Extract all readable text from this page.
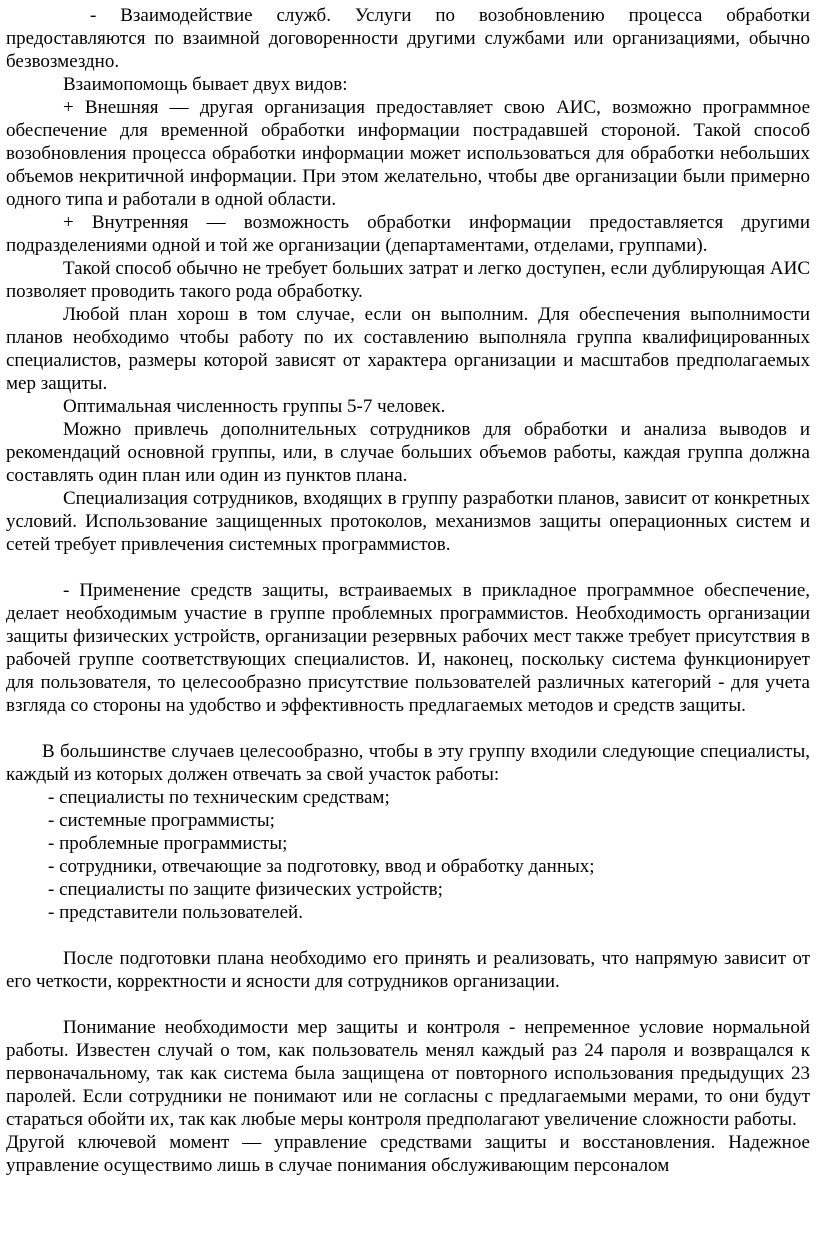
- Взаимодействие служб. Услуги по возобновлению процесса обработки предоставляются по взаимной договоренности другими службами или организациями, обычно безвозмездно.

Взаимопомощь бывает двух видов:

+ Внешняя — другая организация предоставляет свою АИС, возможно программное обеспечение для временной обработки информации пострадавшей стороной. Такой способ возобновления процесса обработки информации может использоваться для обработки небольших объемов некритичной информации. При этом желательно, чтобы две организации были примерно одного типа и работали в одной области.

+ Внутренняя — возможность обработки информации предоставляется другими подразделениями одной и той же организации (департаментами, отделами, группами).

Такой способ обычно не требует больших затрат и легко доступен, если дублирующая АИС позволяет проводить такого рода обработку.

Любой план хорош в том случае, если он выполним. Для обеспечения выполнимости планов необходимо чтобы работу по их составлению выполняла группа квалифицированных специалистов, размеры которой зависят от характера организации и масштабов предполагаемых мер защиты.

Оптимальная численность группы 5-7 человек.

Можно привлечь дополнительных сотрудников для обработки и анализа выводов и рекомендаций основной группы, или, в случае больших объемов работы, каждая группа должна составлять один план или один из пунктов плана.

Специализация сотрудников, входящих в группу разработки планов, зависит от конкретных условий. Использование защищенных протоколов, механизмов защиты операционных систем и сетей требует привлечения системных программистов.

- Применение средств защиты, встраиваемых в прикладное программное обеспечение, делает необходимым участие в группе проблемных программистов. Необходимость организации защиты физических устройств, организации резервных рабочих мест также требует присутствия в рабочей группе соответствующих специалистов. И, наконец, поскольку система функционирует для пользователя, то целесообразно присутствие пользователей различных категорий - для учета взгляда со стороны на удобство и эффективность предлагаемых методов и средств защиты.

В большинстве случаев целесообразно, чтобы в эту группу входили следующие специалисты, каждый из которых должен отвечать за свой участок работы:

- специалисты по техническим средствам;

- системные программисты;

- проблемные программисты;

- сотрудники, отвечающие за подготовку, ввод и обработку данных;

- специалисты по защите физических устройств;

- представители пользователей.

После подготовки плана необходимо его принять и реализовать, что напрямую зависит от его четкости, корректности и ясности для сотрудников организации.

Понимание необходимости мер защиты и контроля - непременное условие нормальной работы. Известен случай о том, как пользователь менял каждый раз 24 пароля и возвращался к первоначальному, так как система была защищена от повторного использования предыдущих 23 паролей. Если сотрудники не понимают или не согласны с предлагаемыми мерами, то они будут стараться обойти их, так как любые меры контроля предполагают увеличение сложности работы.

Другой ключевой момент — управление средствами защиты и восстановления. Надежное управление осуществимо лишь в случае понимания обслуживающим персоналом
